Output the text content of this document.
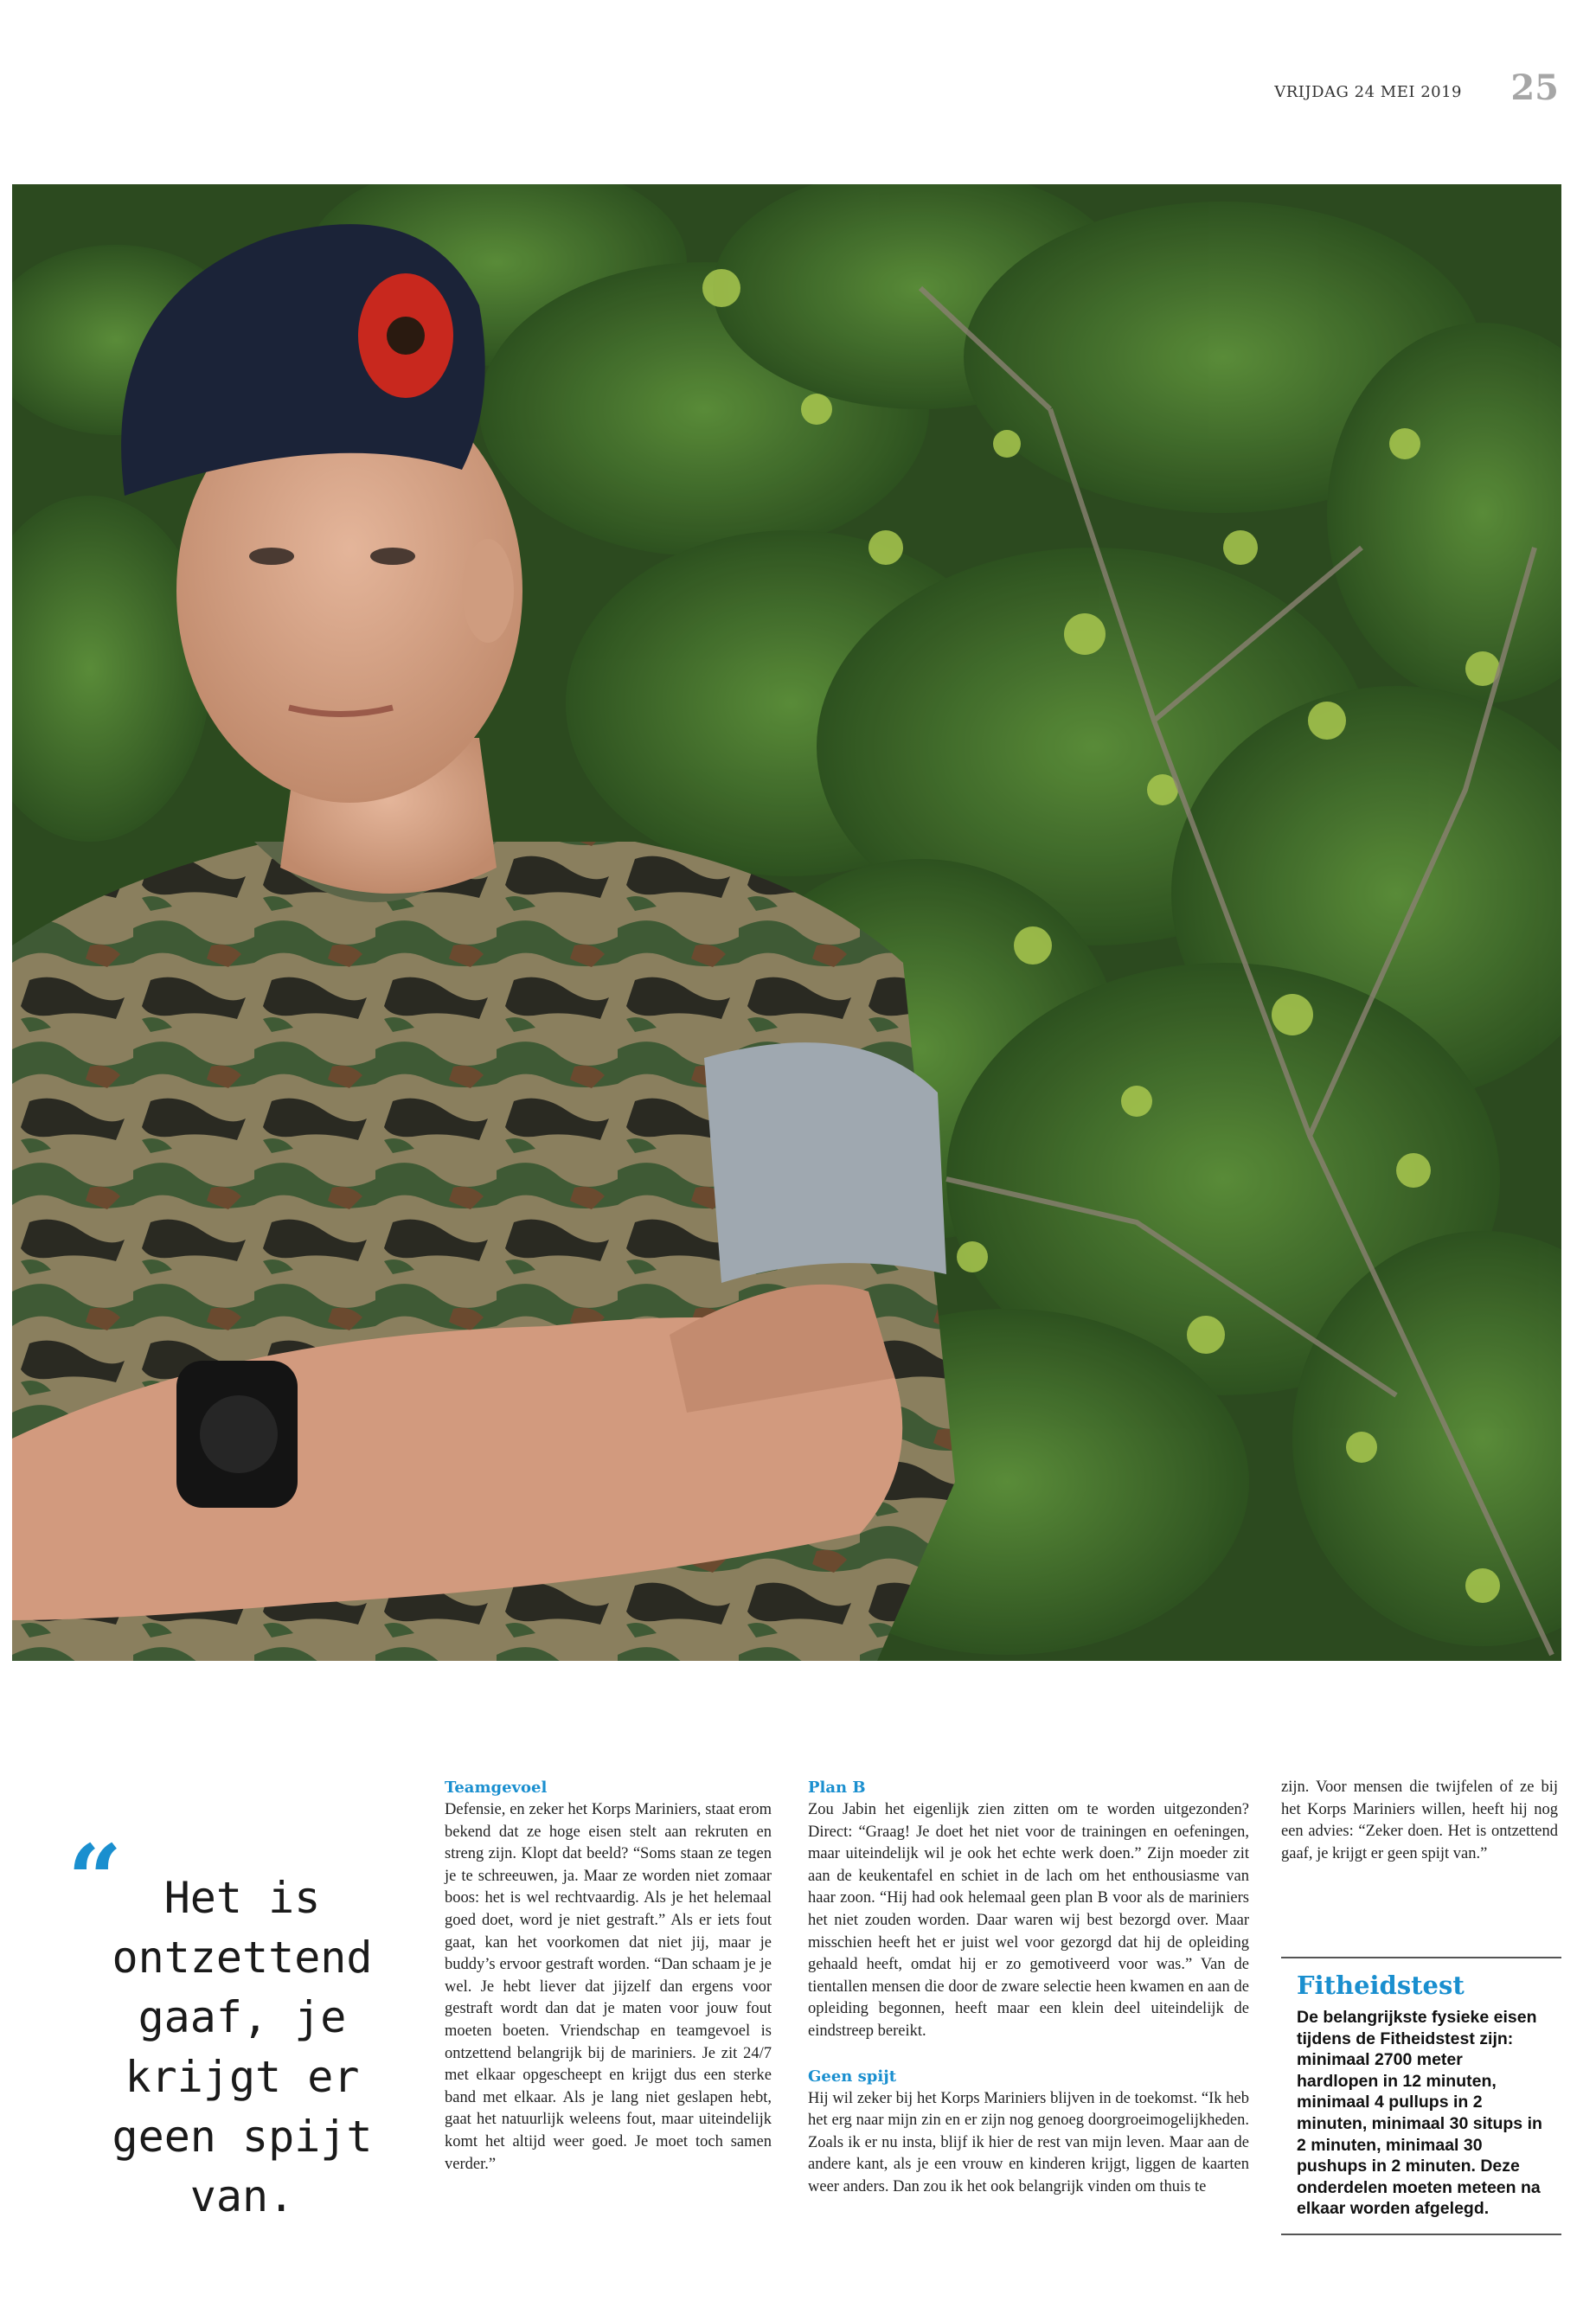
VRIJDAG 24 MEI 2019	25
“ Het is ontzettend gaaf, je krijgt er geen spijt van.
Teamgevoel
Defensie, en zeker het Korps Mariniers, staat erom bekend dat ze hoge eisen stelt aan rekruten en streng zijn. Klopt dat beeld? “Soms staan ze tegen je te schreeuwen, ja. Maar ze worden niet zomaar boos: het is wel rechtvaardig. Als je het helemaal goed doet, word je niet gestraft.” Als er iets fout gaat, kan het voorkomen dat niet jij, maar je buddy’s ervoor gestraft worden. “Dan schaam je je wel. Je hebt liever dat jijzelf dan ergens voor gestraft wordt dan dat je maten voor jouw fout moeten boeten. Vriendschap en teamgevoel is ontzettend belangrijk bij de mariniers. Je zit 24/7 met elkaar opgescheept en krijgt dus een sterke band met elkaar. Als je lang niet geslapen hebt, gaat het natuurlijk weleens fout, maar uiteindelijk komt het altijd weer goed. Je moet toch samen verder.”
Plan B
Zou Jabin het eigenlijk zien zitten om te worden uitgezonden? Direct: “Graag! Je doet het niet voor de trainingen en oefeningen, maar uiteindelijk wil je ook het echte werk doen.” Zijn moeder zit aan de keukentafel en schiet in de lach om het enthousiasme van haar zoon. “Hij had ook helemaal geen plan B voor als de mariniers het niet zouden worden. Daar waren wij best bezorgd over. Maar misschien heeft het er juist wel voor gezorgd dat hij de opleiding gehaald heeft, omdat hij er zo gemotiveerd voor was.” Van de tientallen mensen die door de zware selectie heen kwamen en aan de opleiding begonnen, heeft maar een klein deel uiteindelijk de eindstreep bereikt.
Geen spijt
Hij wil zeker bij het Korps Mariniers blijven in de toekomst. “Ik heb het erg naar mijn zin en er zijn nog genoeg doorgroeimogelijkheden. Zoals ik er nu insta, blijf ik hier de rest van mijn leven. Maar aan de andere kant, als je een vrouw en kinderen krijgt, liggen de kaarten weer anders. Dan zou ik het ook belangrijk vinden om thuis te
zijn. Voor mensen die twijfelen of ze bij het Korps Mariniers willen, heeft hij nog een advies: “Zeker doen. Het is ontzettend gaaf, je krijgt er geen spijt van.”
Fitheidstest
De belangrijkste fysieke eisen tijdens de Fitheidstest zijn: minimaal 2700 meter hardlopen in 12 minuten, minimaal 4 pullups in 2 minuten, minimaal 30 situps in 2 minuten, minimaal 30 pushups in 2 minuten. Deze onderdelen moeten meteen na elkaar worden afgelegd.
